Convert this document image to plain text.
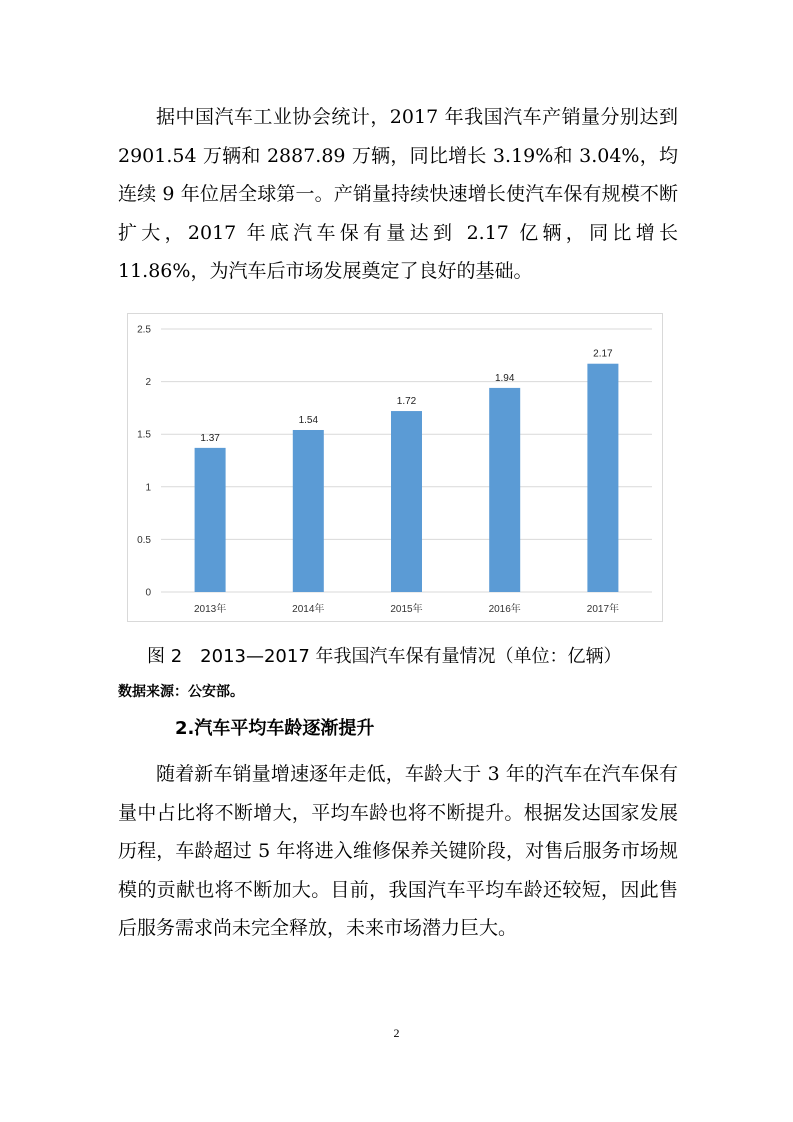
据中国汽车工业协会统计，2017 年我国汽车产销量分别达到 2901.54 万辆和 2887.89 万辆，同比增长 3.19%和 3.04%，均连续 9 年位居全球第一。产销量持续快速增长使汽车保有规模不断扩大，2017 年底汽车保有量达到 2.17 亿辆，同比增长 11.86%，为汽车后市场发展奠定了良好的基础。

0
0.5
1
1.5
2
2.5
1.37
2013年
1.54
2014年
1.72
2015年
1.94
2016年
2.17
2017年
图 2　2013—2017 年我国汽车保有量情况（单位：亿辆）
数据来源：公安部。
2.汽车平均车龄逐渐提升

随着新车销量增速逐年走低，车龄大于 3 年的汽车在汽车保有量中占比将不断增大，平均车龄也将不断提升。根据发达国家发展历程，车龄超过 5 年将进入维修保养关键阶段，对售后服务市场规模的贡献也将不断加大。目前，我国汽车平均车龄还较短，因此售后服务需求尚未完全释放，未来市场潜力巨大。

2
